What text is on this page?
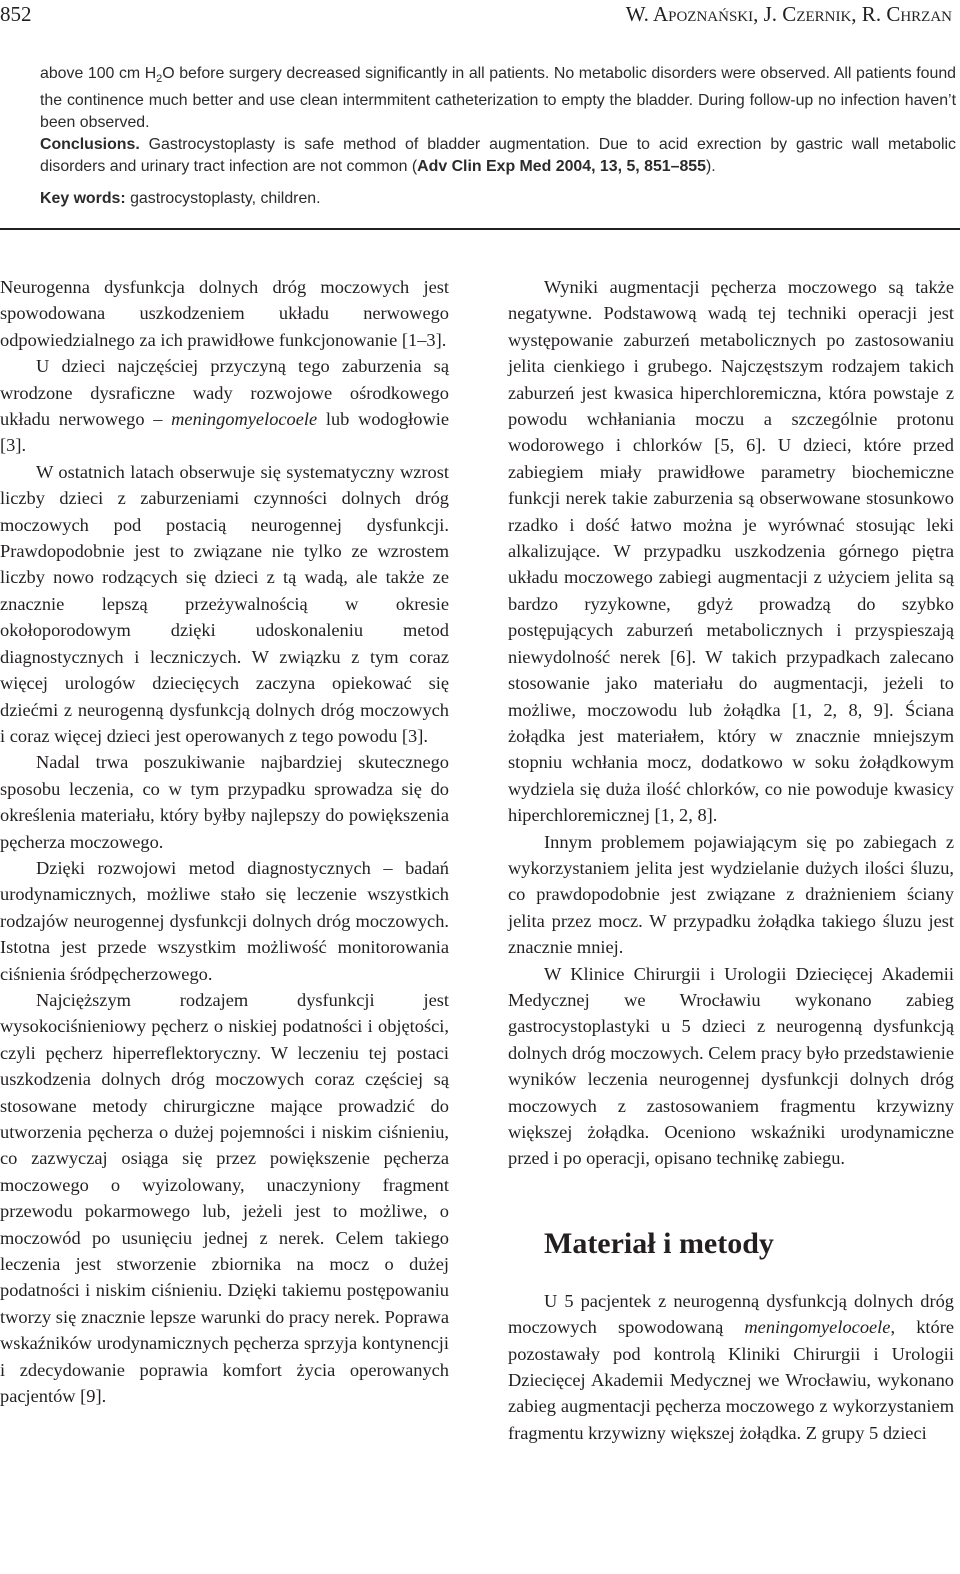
852	W. Apoznański, J. Czernik, R. Chrzan

above 100 cm $H_2O$ before surgery decreased significantly in all patients. No metabolic disorders were observed. All patients found the continence much better and use clean intermmitent catheterization to empty the bladder. During follow-up no infection haven’t been observed.

Conclusions. Gastrocystoplasty is safe method of bladder augmentation. Due to acid exrection by gastric wall metabolic disorders and urinary tract infection are not common (Adv Clin Exp Med 2004, 13, 5, 851–855).

Key words: gastrocystoplasty, children.

Neurogenna dysfunkcja dolnych dróg moczowych jest spowodowana uszkodzeniem układu nerwowego odpowiedzialnego za ich prawidłowe funkcjonowanie [1–3].

U dzieci najczęściej przyczyną tego zaburzenia są wrodzone dysraficzne wady rozwojowe ośrodkowego układu nerwowego – meningomyelocoele lub wodogłowie [3].

W ostatnich latach obserwuje się systematyczny wzrost liczby dzieci z zaburzeniami czynności dolnych dróg moczowych pod postacią neurogennej dysfunkcji. Prawdopodobnie jest to związane nie tylko ze wzrostem liczby nowo rodzących się dzieci z tą wadą, ale także ze znacznie lepszą przeżywalnością w okresie okołoporodowym dzięki udoskonaleniu metod diagnostycznych i leczniczych. W związku z tym coraz więcej urologów dziecięcych zaczyna opiekować się dziećmi z neurogenną dysfunkcją dolnych dróg moczowych i coraz więcej dzieci jest operowanych z tego powodu [3].

Nadal trwa poszukiwanie najbardziej skutecznego sposobu leczenia, co w tym przypadku sprowadza się do określenia materiału, który byłby najlepszy do powiększenia pęcherza moczowego.

Dzięki rozwojowi metod diagnostycznych – badań urodynamicznych, możliwe stało się leczenie wszystkich rodzajów neurogennej dysfunkcji dolnych dróg moczowych. Istotna jest przede wszystkim możliwość monitorowania ciśnienia śródpęcherzowego.

Najcięższym rodzajem dysfunkcji jest wysokociśnieniowy pęcherz o niskiej podatności i objętości, czyli pęcherz hiperreflektoryczny. W leczeniu tej postaci uszkodzenia dolnych dróg moczowych coraz częściej są stosowane metody chirurgiczne mające prowadzić do utworzenia pęcherza o dużej pojemności i niskim ciśnieniu, co zazwyczaj osiąga się przez powiększenie pęcherza moczowego o wyizolowany, unaczyniony fragment przewodu pokarmowego lub, jeżeli jest to możliwe, o moczowód po usunięciu jednej z nerek. Celem takiego leczenia jest stworzenie zbiornika na mocz o dużej podatności i niskim ciśnieniu. Dzięki takiemu postępowaniu tworzy się znacznie lepsze warunki do pracy nerek. Poprawa wskaźników urodynamicznych pęcherza sprzyja kontynencji i zdecydowanie poprawia komfort życia operowanych pacjentów [9].

Wyniki augmentacji pęcherza moczowego są także negatywne. Podstawową wadą tej techniki operacji jest występowanie zaburzeń metabolicznych po zastosowaniu jelita cienkiego i grubego. Najczęstszym rodzajem takich zaburzeń jest kwasica hiperchloremiczna, która powstaje z powodu wchłaniania moczu a szczególnie protonu wodorowego i chlorków [5, 6]. U dzieci, które przed zabiegiem miały prawidłowe parametry biochemiczne funkcji nerek takie zaburzenia są obserwowane stosunkowo rzadko i dość łatwo można je wyrównać stosując leki alkalizujące. W przypadku uszkodzenia górnego piętra układu moczowego zabiegi augmentacji z użyciem jelita są bardzo ryzykowne, gdyż prowadzą do szybko postępujących zaburzeń metabolicznych i przyspieszają niewydolność nerek [6]. W takich przypadkach zalecano stosowanie jako materiału do augmentacji, jeżeli to możliwe, moczowodu lub żołądka [1, 2, 8, 9]. Ściana żołądka jest materiałem, który w znacznie mniejszym stopniu wchłania mocz, dodatkowo w soku żołądkowym wydziela się duża ilość chlorków, co nie powoduje kwasicy hiperchloremicznej [1, 2, 8].

Innym problemem pojawiającym się po zabiegach z wykorzystaniem jelita jest wydzielanie dużych ilości śluzu, co prawdopodobnie jest związane z drażnieniem ściany jelita przez mocz. W przypadku żołądka takiego śluzu jest znacznie mniej.

W Klinice Chirurgii i Urologii Dziecięcej Akademii Medycznej we Wrocławiu wykonano zabieg gastrocystoplastyki u 5 dzieci z neurogenną dysfunkcją dolnych dróg moczowych. Celem pracy było przedstawienie wyników leczenia neurogennej dysfunkcji dolnych dróg moczowych z zastosowaniem fragmentu krzywizny większej żołądka. Oceniono wskaźniki urodynamiczne przed i po operacji, opisano technikę zabiegu.

Materiał i metody

U 5 pacjentek z neurogenną dysfunkcją dolnych dróg moczowych spowodowaną meningomyelocoele, które pozostawały pod kontrolą Kliniki Chirurgii i Urologii Dziecięcej Akademii Medycznej we Wrocławiu, wykonano zabieg augmentacji pęcherza moczowego z wykorzystaniem fragmentu krzywizny większej żołądka. Z grupy 5 dzieci
